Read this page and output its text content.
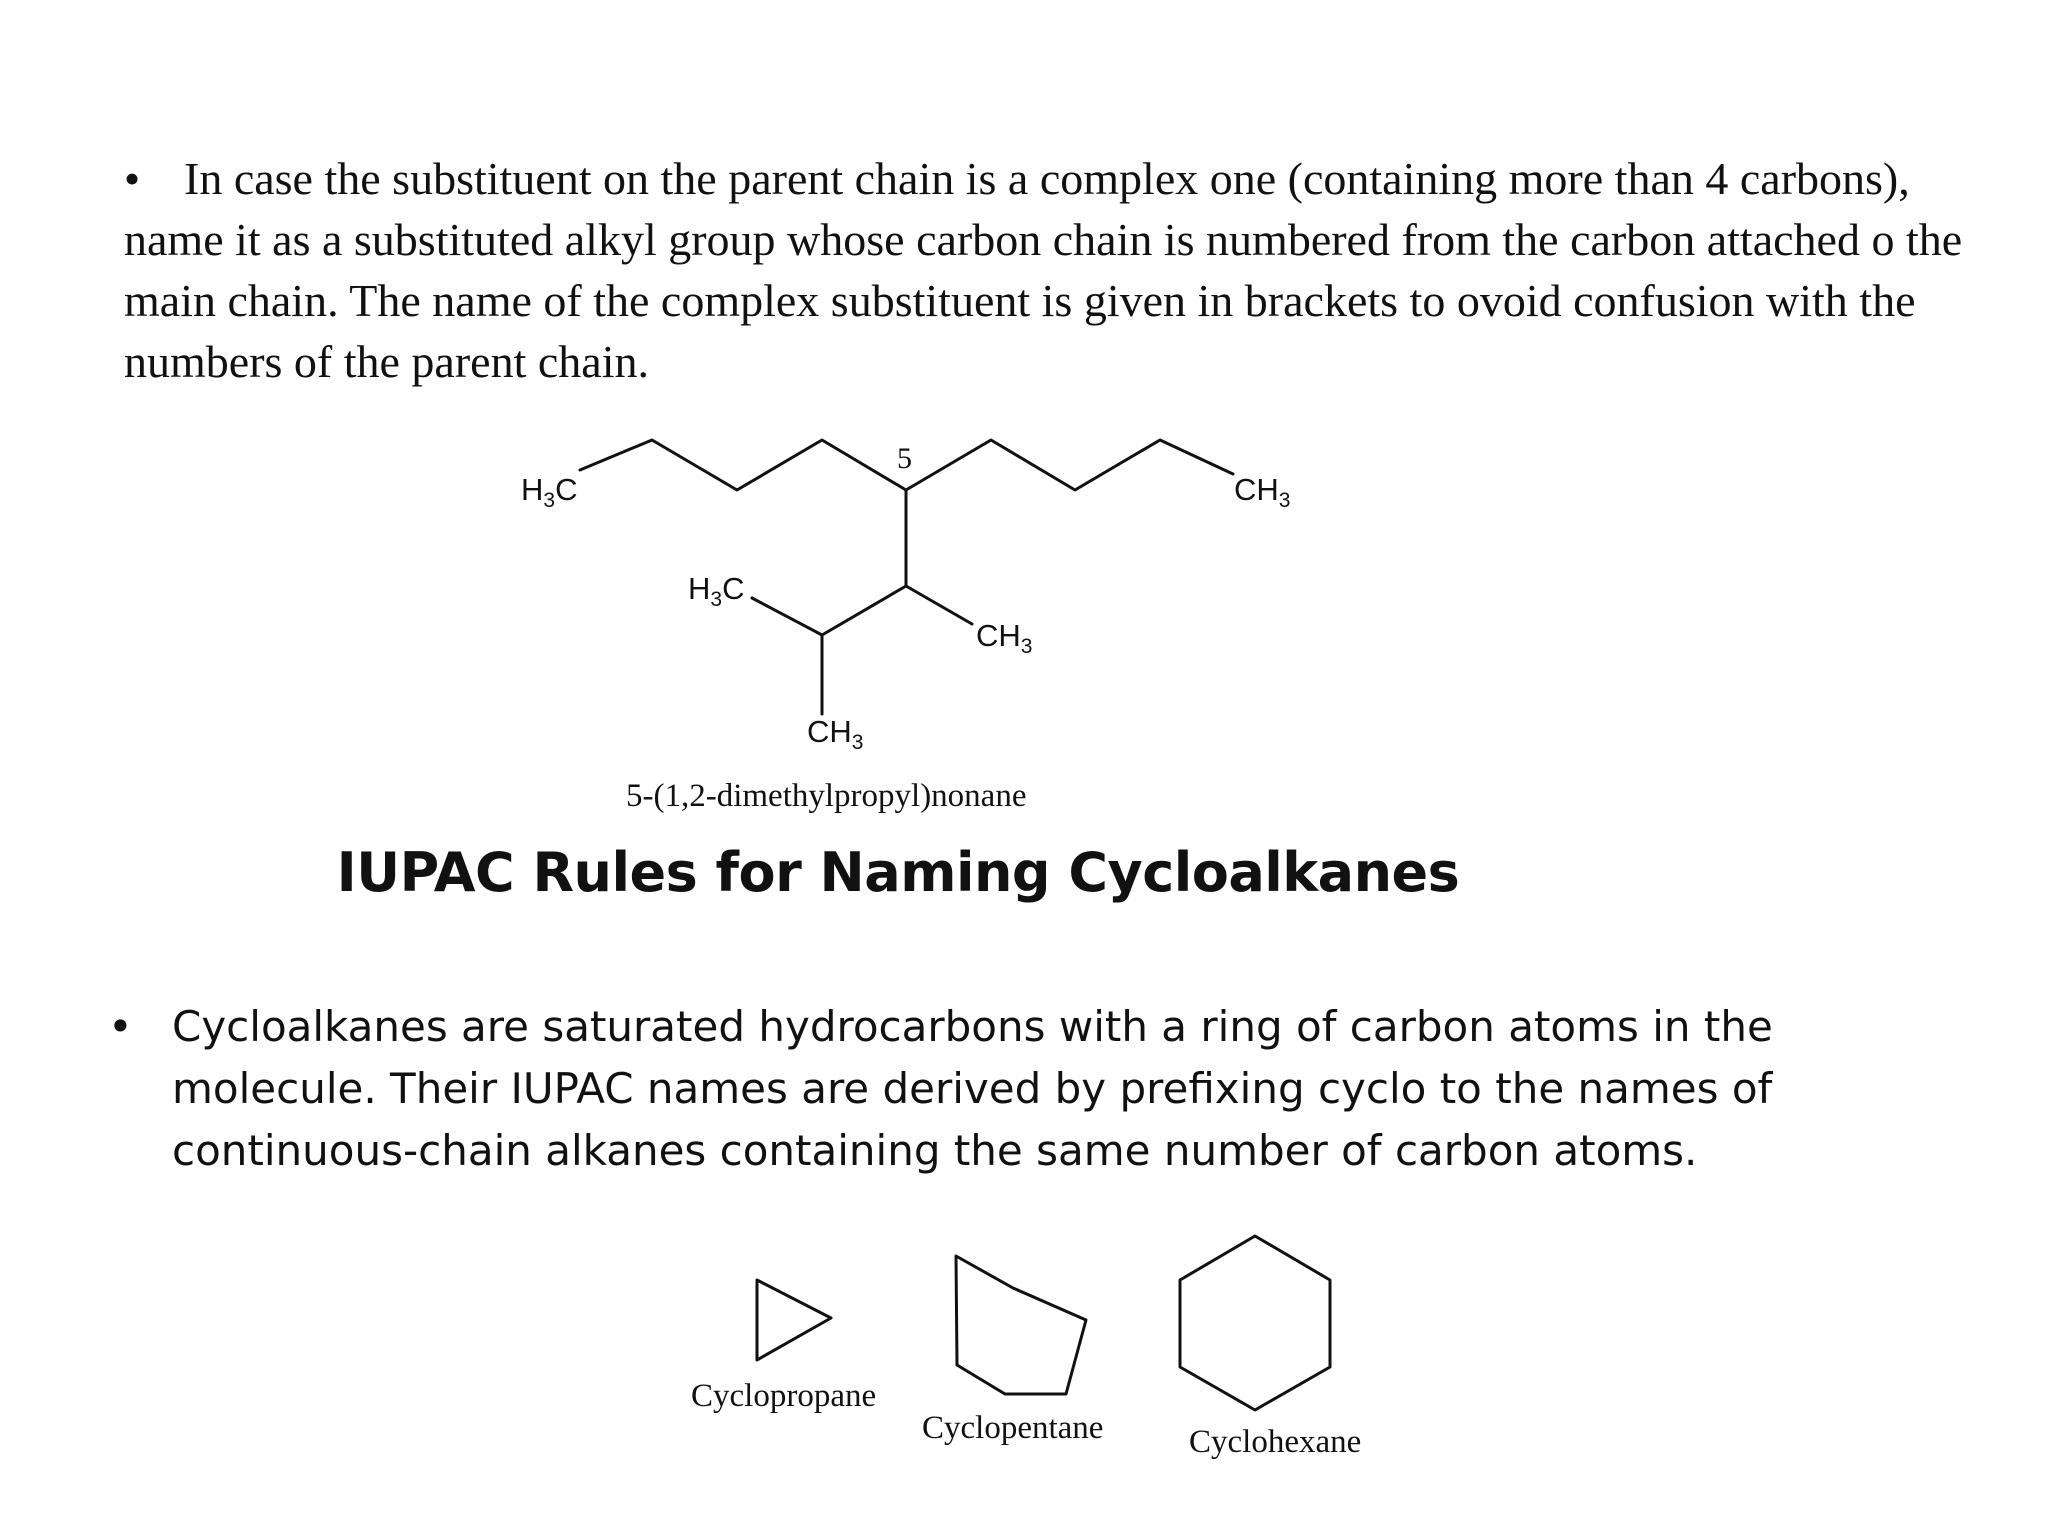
• In case the substituent on the parent chain is a complex one (containing more than 4 carbons), name it as a substituted alkyl group whose carbon chain is numbered from the carbon attached o the main chain. The name of the complex substituent is given in brackets to ovoid confusion with the numbers of the parent chain.
$H_3C$	$CH_3$
5
$H_3C$
$CH_3$
$CH_3$
5-(1,2-dimethylpropyl)nonane
IUPAC Rules for Naming Cycloalkanes
• Cycloalkanes are saturated hydrocarbons with a ring of carbon atoms in the molecule. Their IUPAC names are derived by prefixing cyclo to the names of continuous-chain alkanes containing the same number of carbon atoms.
Cyclopropane
Cyclopentane	Cyclohexane
